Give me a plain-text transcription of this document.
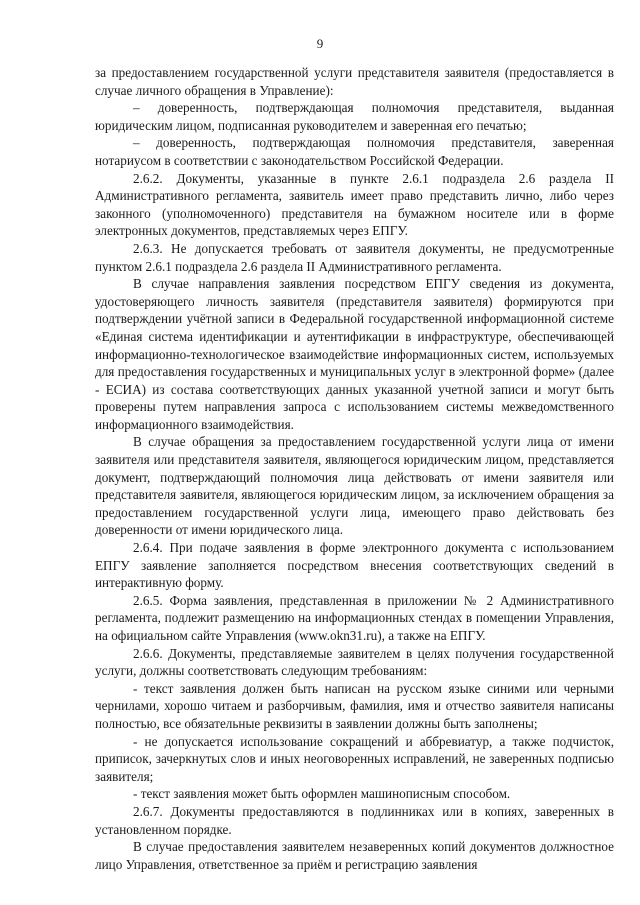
9

за предоставлением государственной услуги представителя заявителя (предоставляется в случае личного обращения в Управление):

– доверенность, подтверждающая полномочия представителя, выданная юридическим лицом, подписанная руководителем и заверенная его печатью;

– доверенность, подтверждающая полномочия представителя, заверенная нотариусом в соответствии с законодательством Российской Федерации.

2.6.2. Документы, указанные в пункте 2.6.1 подраздела 2.6 раздела II Административного регламента, заявитель имеет право представить лично, либо через законного (уполномоченного) представителя на бумажном носителе или в форме электронных документов, представляемых через ЕПГУ.

2.6.3. Не допускается требовать от заявителя документы, не предусмотренные пунктом 2.6.1 подраздела 2.6 раздела II Административного регламента.

В случае направления заявления посредством ЕПГУ сведения из документа, удостоверяющего личность заявителя (представителя заявителя) формируются при подтверждении учётной записи в Федеральной государственной информационной системе «Единая система идентификации и аутентификации в инфраструктуре, обеспечивающей информационно-технологическое взаимодействие информационных систем, используемых для предоставления государственных и муниципальных услуг в электронной форме» (далее - ЕСИА) из состава соответствующих данных указанной учетной записи и могут быть проверены путем направления запроса с использованием системы межведомственного информационного взаимодействия.

В случае обращения за предоставлением государственной услуги лица от имени заявителя или представителя заявителя, являющегося юридическим лицом, представляется документ, подтверждающий полномочия лица действовать от имени заявителя или представителя заявителя, являющегося юридическим лицом, за исключением обращения за предоставлением государственной услуги лица, имеющего право действовать без доверенности от имени юридического лица.

2.6.4. При подаче заявления в форме электронного документа с использованием ЕПГУ заявление заполняется посредством внесения соответствующих сведений в интерактивную форму.

2.6.5. Форма заявления, представленная в приложении № 2 Административного регламента, подлежит размещению на информационных стендах в помещении Управления, на официальном сайте Управления (www.okn31.ru), а также на ЕПГУ.

2.6.6. Документы, представляемые заявителем в целях получения государственной услуги, должны соответствовать следующим требованиям:

- текст заявления должен быть написан на русском языке синими или черными чернилами, хорошо читаем и разборчивым, фамилия, имя и отчество заявителя написаны полностью, все обязательные реквизиты в заявлении должны быть заполнены;

- не допускается использование сокращений и аббревиатур, а также подчисток, приписок, зачеркнутых слов и иных неоговоренных исправлений, не заверенных подписью заявителя;

- текст заявления может быть оформлен машинописным способом.

2.6.7. Документы предоставляются в подлинниках или в копиях, заверенных в установленном порядке.

В случае предоставления заявителем незаверенных копий документов должностное лицо Управления, ответственное за приём и регистрацию заявления
